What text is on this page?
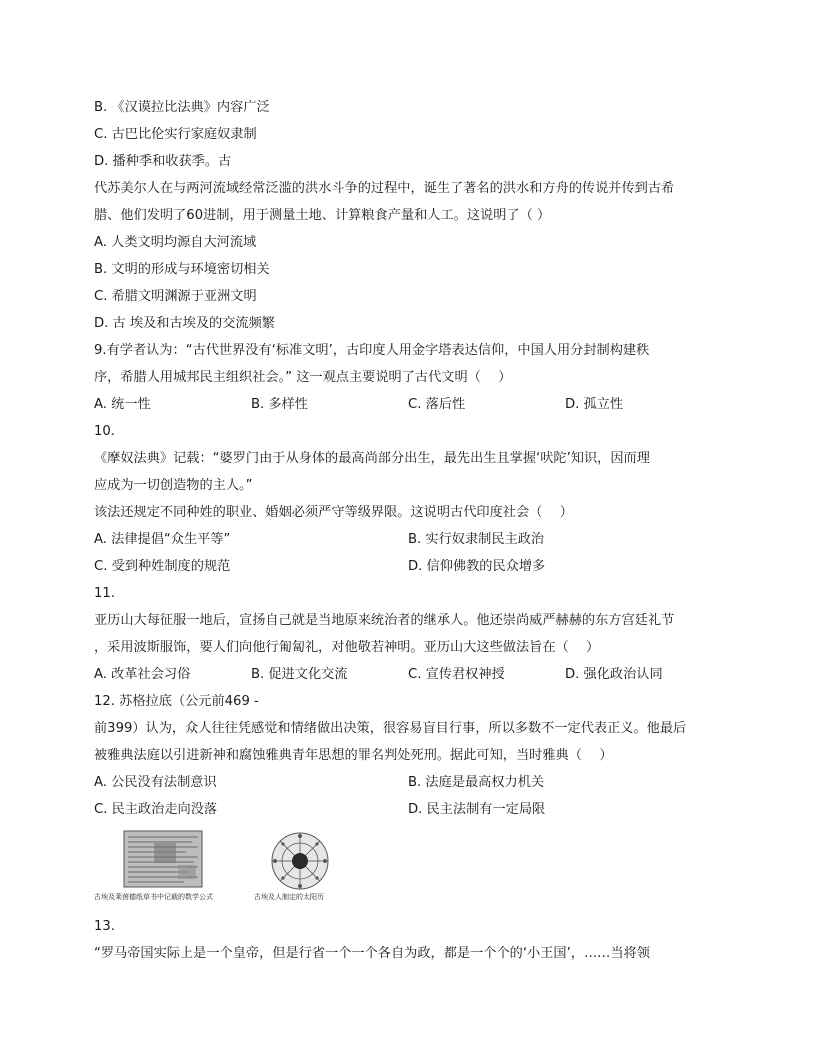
B. 《汉谟拉比法典》内容广泛
C. 古巴比伦实行家庭奴隶制
D. 播种季和收获季。古
代苏美尔人在与两河流域经常泛滥的洪水斗争的过程中，诞生了著名的洪水和方舟的传说并传到古希
腊、他们发明了60进制，用于测量土地、计算粮食产量和人工。这说明了（ ）
A. 人类文明均源自大河流域
B. 文明的形成与环境密切相关
C. 希腊文明渊源于亚洲文明
D. 古 埃及和古埃及的交流频繁
9.有学者认为：“古代世界没有‘标准文明’，古印度人用金字塔表达信仰，中国人用分封制构建秩
序，希腊人用城邦民主组织社会。” 这一观点主要说明了古代文明（　 ）
A. 统一性	B. 多样性	C. 落后性	D. 孤立性
10.
《摩奴法典》记载：“婆罗门由于从身体的最高尚部分出生，最先出生且掌握‘吠陀’知识，因而理
应成为一切创造物的主人。”
该法还规定不同种姓的职业、婚姻必须严守等级界限。这说明古代印度社会（　 ）
A. 法律提倡“众生平等”	B. 实行奴隶制民主政治
C. 受到种姓制度的规范	D. 信仰佛教的民众增多
11.
亚历山大每征服一地后，宣扬自己就是当地原来统治者的继承人。他还崇尚威严赫赫的东方宫廷礼节
，采用波斯服饰，要人们向他行匍匐礼，对他敬若神明。亚历山大这些做法旨在（　 ）
A. 改革社会习俗	B. 促进文化交流	C. 宣传君权神授	D. 强化政治认同
12. 苏格拉底（公元前469 -
前399）认为，众人往往凭感觉和情绪做出决策，很容易盲目行事，所以多数不一定代表正义。他最后
被雅典法庭以引进新神和腐蚀雅典青年思想的罪名判处死刑。据此可知，当时雅典（　 ）
A. 公民没有法制意识	B. 法庭是最高权力机关
C. 民主政治走向没落	D. 民主法制有一定局限
古埃及莱茵德纸草书中记载的数学公式	古埃及人制定的太阳历
13.
“罗马帝国实际上是一个皇帝，但是行省一个一个各自为政，都是一个个的‘小王国’，……当将领
